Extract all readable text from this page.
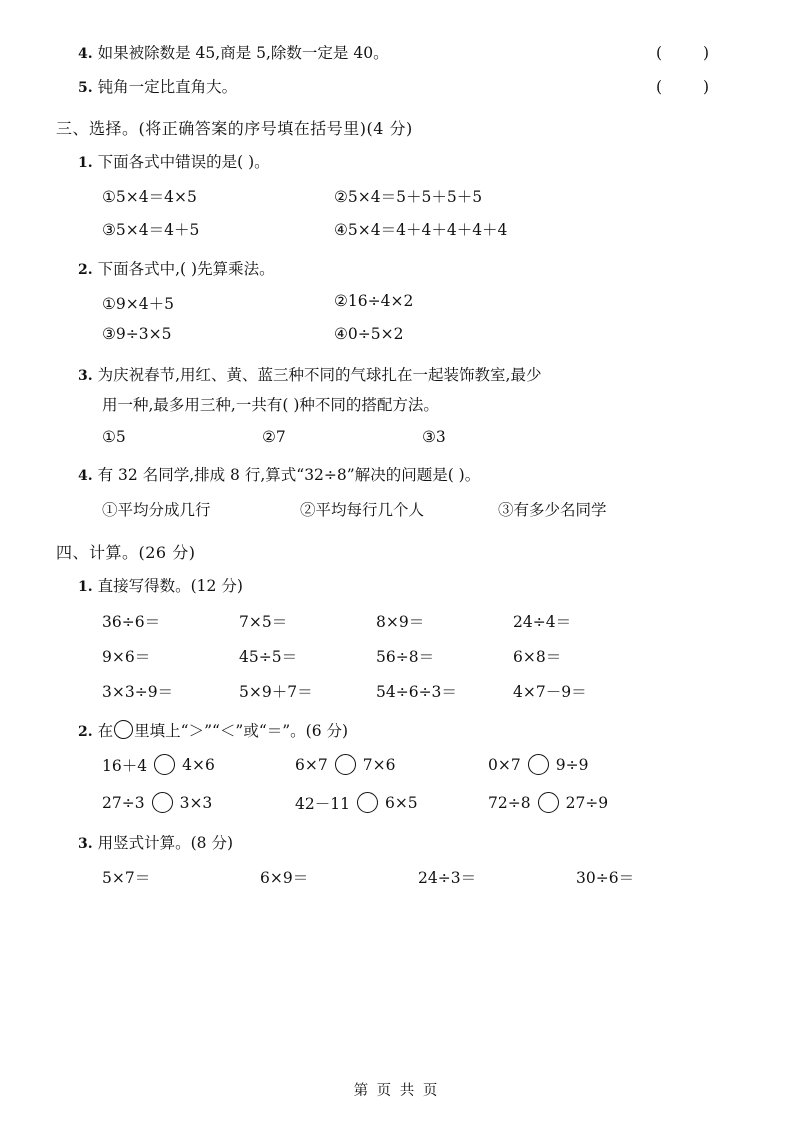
4. 如果被除数是 45,商是 5,除数一定是 40。	( )
5. 钝角一定比直角大。	( )
三、选择。(将正确答案的序号填在括号里)(4 分)
1. 下面各式中错误的是( )。
①5×4＝4×5	②5×4＝5＋5＋5＋5
③5×4＝4＋5	④5×4＝4＋4＋4＋4＋4
2. 下面各式中,( )先算乘法。
①9×4＋5	②16÷4×2
③9÷3×5	④0÷5×2
3. 为庆祝春节,用红、黄、蓝三种不同的气球扎在一起装饰教室,最少
用一种,最多用三种,一共有( )种不同的搭配方法。
①5	②7	③3
4. 有 32 名同学,排成 8 行,算式“32÷8”解决的问题是( )。
①平均分成几行	②平均每行几个人	③有多少名同学
四、计算。(26 分)
1. 直接写得数。(12 分)
36÷6＝	7×5＝	8×9＝	24÷4＝
9×6＝	45÷5＝	56÷8＝	6×8＝
3×3÷9＝	5×9＋7＝	54÷6÷3＝	4×7－9＝
2. 在 里填上“＞”“＜”或“＝”。(6 分)
16＋4 4×6	6×7 7×6	0×7 9÷9
27÷3 3×3	42－11 6×5	72÷8 27÷9
3. 用竖式计算。(8 分)
5×7＝	6×9＝	24÷3＝	30÷6＝
第 页 共 页
